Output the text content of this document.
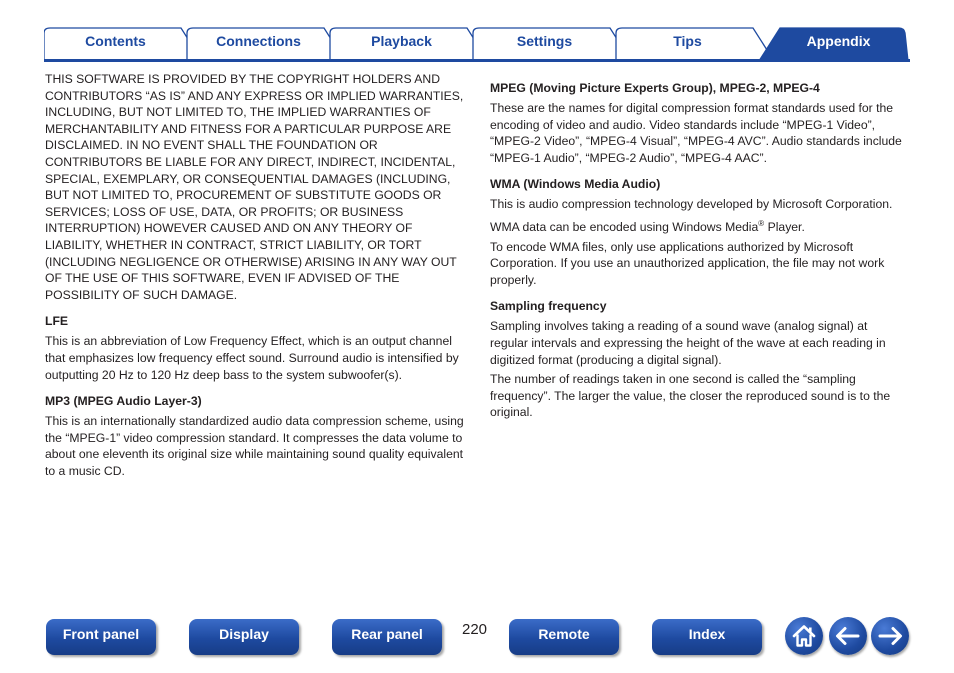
Contents	Connections	Playback	Settings	Tips	Appendix

THIS SOFTWARE IS PROVIDED BY THE COPYRIGHT HOLDERS AND CONTRIBUTORS “AS IS” AND ANY EXPRESS OR IMPLIED WARRANTIES, INCLUDING, BUT NOT LIMITED TO, THE IMPLIED WARRANTIES OF MERCHANTABILITY AND FITNESS FOR A PARTICULAR PURPOSE ARE DISCLAIMED. IN NO EVENT SHALL THE FOUNDATION OR CONTRIBUTORS BE LIABLE FOR ANY DIRECT, INDIRECT, INCIDENTAL, SPECIAL, EXEMPLARY, OR CONSEQUENTIAL DAMAGES (INCLUDING, BUT NOT LIMITED TO, PROCUREMENT OF SUBSTITUTE GOODS OR SERVICES; LOSS OF USE, DATA, OR PROFITS; OR BUSINESS INTERRUPTION) HOWEVER CAUSED AND ON ANY THEORY OF LIABILITY, WHETHER IN CONTRACT, STRICT LIABILITY, OR TORT (INCLUDING NEGLIGENCE OR OTHERWISE) ARISING IN ANY WAY OUT OF THE USE OF THIS SOFTWARE, EVEN IF ADVISED OF THE POSSIBILITY OF SUCH DAMAGE.

LFE

This is an abbreviation of Low Frequency Effect, which is an output channel that emphasizes low frequency effect sound. Surround audio is intensified by outputting 20 Hz to 120 Hz deep bass to the system subwoofer(s).

MP3 (MPEG Audio Layer-3)

This is an internationally standardized audio data compression scheme, using the “MPEG-1” video compression standard. It compresses the data volume to about one eleventh its original size while maintaining sound quality equivalent to a music CD.

MPEG (Moving Picture Experts Group), MPEG-2, MPEG-4

These are the names for digital compression format standards used for the encoding of video and audio. Video standards include “MPEG-1 Video”, “MPEG-2 Video”, “MPEG-4 Visual”, “MPEG-4 AVC”. Audio standards include “MPEG-1 Audio”, “MPEG-2 Audio”, “MPEG-4 AAC”.

WMA (Windows Media Audio)

This is audio compression technology developed by Microsoft Corporation.

WMA data can be encoded using Windows Media® Player.

To encode WMA files, only use applications authorized by Microsoft Corporation. If you use an unauthorized application, the file may not work properly.

Sampling frequency

Sampling involves taking a reading of a sound wave (analog signal) at regular intervals and expressing the height of the wave at each reading in digitized format (producing a digital signal).

The number of readings taken in one second is called the “sampling frequency”. The larger the value, the closer the reproduced sound is to the original.

Front panel	Display	Rear panel	220	Remote	Index
